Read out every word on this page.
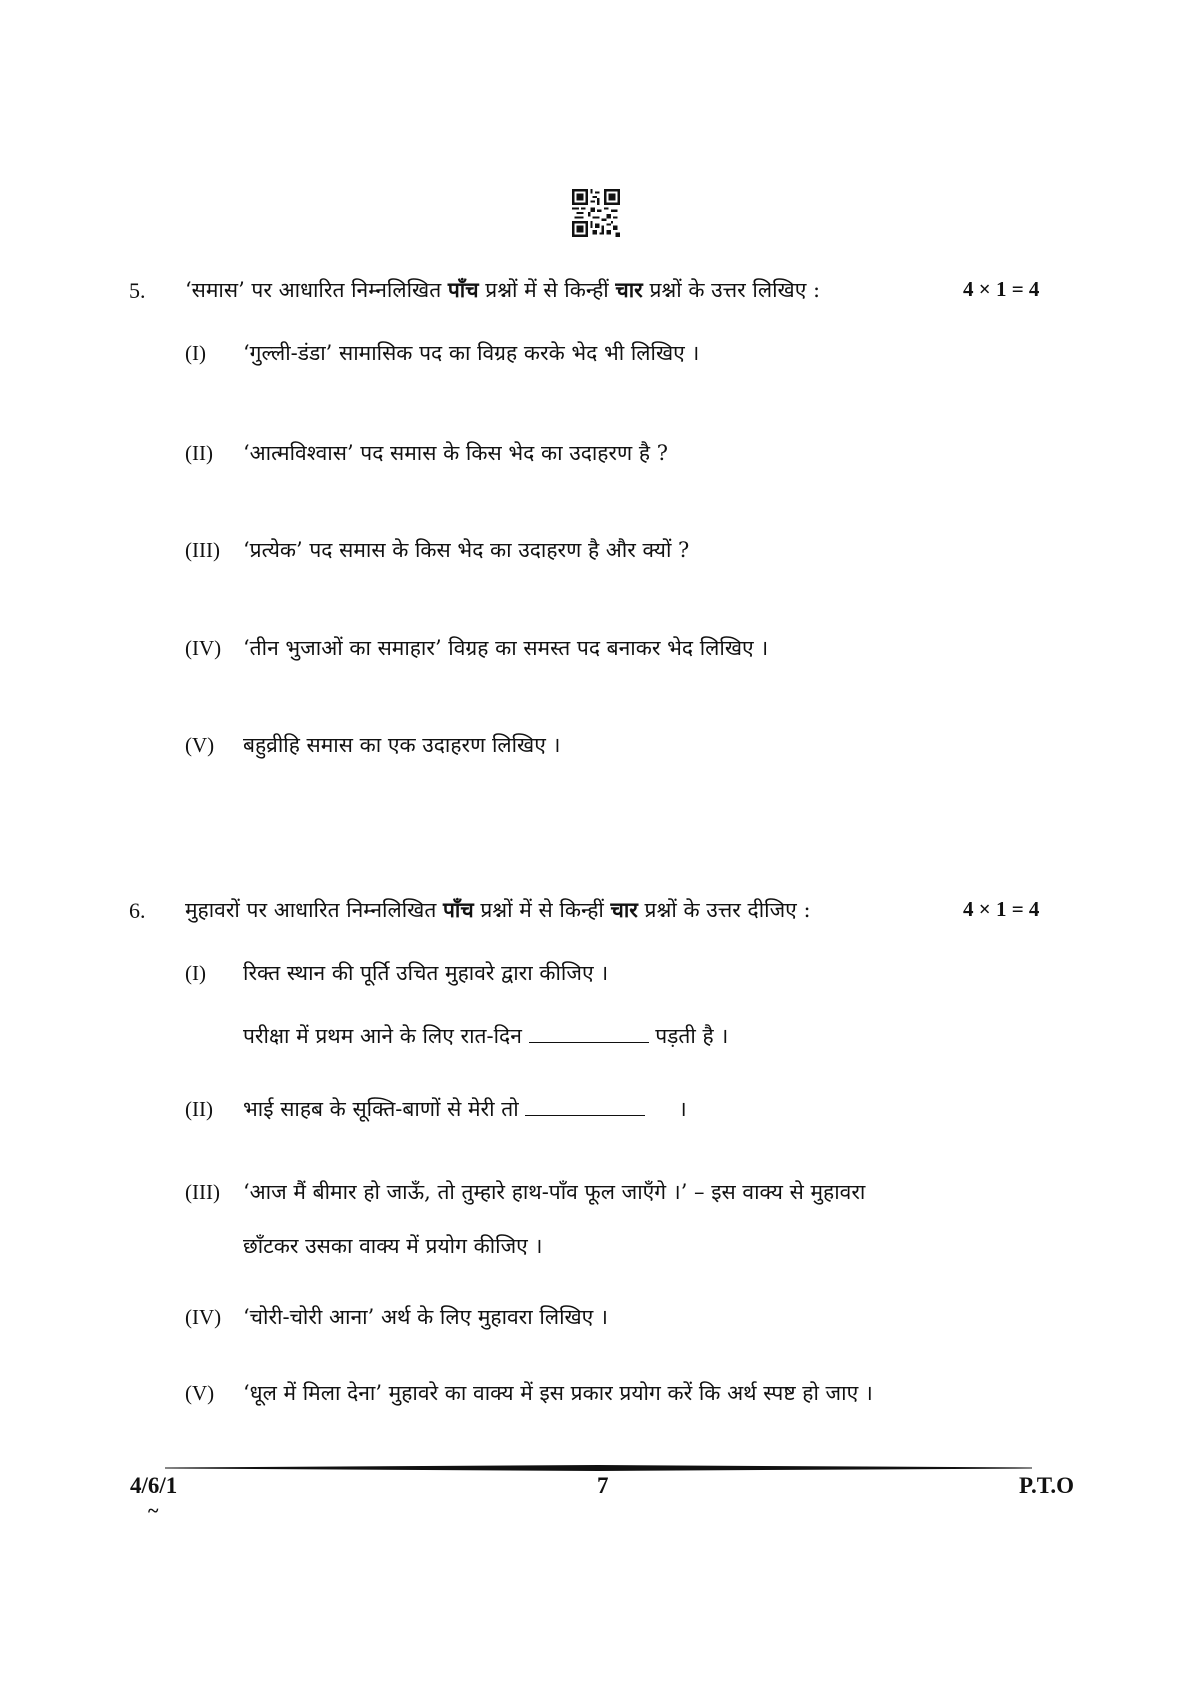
5. ‘समास’ पर आधारित निम्नलिखित पाँच प्रश्नों में से किन्हीं चार प्रश्नों के उत्तर लिखिए :	4 × 1 = 4
(I) ‘गुल्ली-डंडा’ सामासिक पद का विग्रह करके भेद भी लिखिए ।
(II) ‘आत्मविश्वास’ पद समास के किस भेद का उदाहरण है ?
(III) ‘प्रत्येक’ पद समास के किस भेद का उदाहरण है और क्यों ?
(IV) ‘तीन भुजाओं का समाहार’ विग्रह का समस्त पद बनाकर भेद लिखिए ।
(V) बहुव्रीहि समास का एक उदाहरण लिखिए ।
6. मुहावरों पर आधारित निम्नलिखित पाँच प्रश्नों में से किन्हीं चार प्रश्नों के उत्तर दीजिए :	4 × 1 = 4
(I) रिक्त स्थान की पूर्ति उचित मुहावरे द्वारा कीजिए ।
परीक्षा में प्रथम आने के लिए रात-दिन	पड़ती है ।
(II) भाई साहब के सूक्ति-बाणों से मेरी तो	।
(III) ‘आज मैं बीमार हो जाऊँ, तो तुम्हारे हाथ-पाँव फूल जाएँगे ।’ – इस वाक्य से मुहावरा
छाँटकर उसका वाक्य में प्रयोग कीजिए ।
(IV) ‘चोरी-चोरी आना’ अर्थ के लिए मुहावरा लिखिए ।
(V) ‘धूल में मिला देना’ मुहावरे का वाक्य में इस प्रकार प्रयोग करें कि अर्थ स्पष्ट हो जाए ।
4/6/1	7	P.T.O
~
